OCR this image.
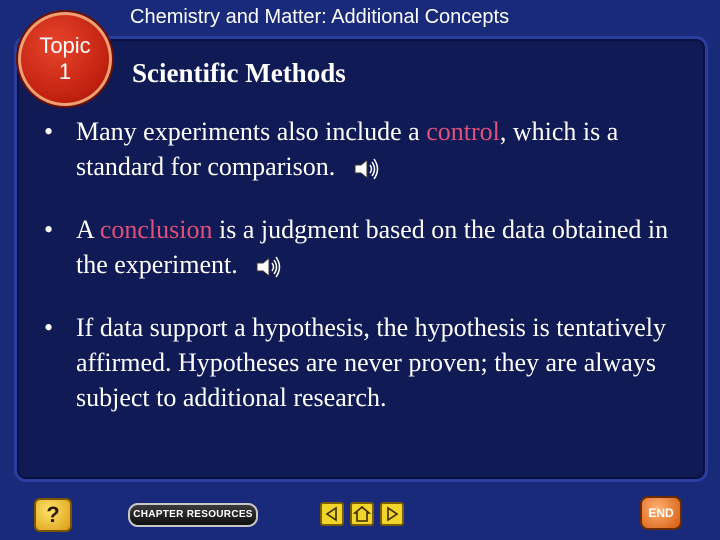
Chemistry and Matter: Additional Concepts
Topic
1 Scientific Methods
• Many experiments also include a control, which is a standard for comparison.
• A conclusion is a judgment based on the data obtained in the experiment.
• If data support a hypothesis, the hypothesis is tentatively affirmed. Hypotheses are never proven; they are always subject to additional research.
?	CHAPTER RESOURCES	END
